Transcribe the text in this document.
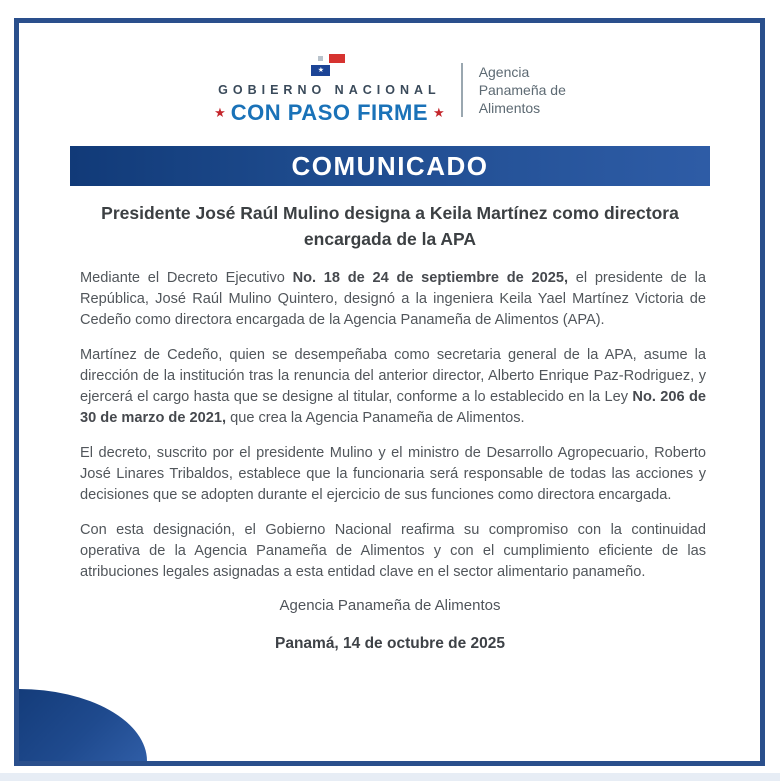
★
GOBIERNO NACIONAL
★ CON PASO FIRME ★
Agencia
Panameña de
Alimentos
COMUNICADO
Presidente José Raúl Mulino designa a Keila Martínez como directora encargada de la APA

Mediante el Decreto Ejecutivo No. 18 de 24 de septiembre de 2025, el presidente de la República, José Raúl Mulino Quintero, designó a la ingeniera Keila Yael Martínez Victoria de Cedeño como directora encargada de la Agencia Panameña de Alimentos (APA).

Martínez de Cedeño, quien se desempeñaba como secretaria general de la APA, asume la dirección de la institución tras la renuncia del anterior director, Alberto Enrique Paz-Rodriguez, y ejercerá el cargo hasta que se designe al titular, conforme a lo establecido en la Ley No. 206 de 30 de marzo de 2021, que crea la Agencia Panameña de Alimentos.

El decreto, suscrito por el presidente Mulino y el ministro de Desarrollo Agropecuario, Roberto José Linares Tribaldos, establece que la funcionaria será responsable de todas las acciones y decisiones que se adopten durante el ejercicio de sus funciones como directora encargada.

Con esta designación, el Gobierno Nacional reafirma su compromiso con la continuidad operativa de la Agencia Panameña de Alimentos y con el cumplimiento eficiente de las atribuciones legales asignadas a esta entidad clave en el sector alimentario panameño.

Agencia Panameña de Alimentos
Panamá, 14 de octubre de 2025
